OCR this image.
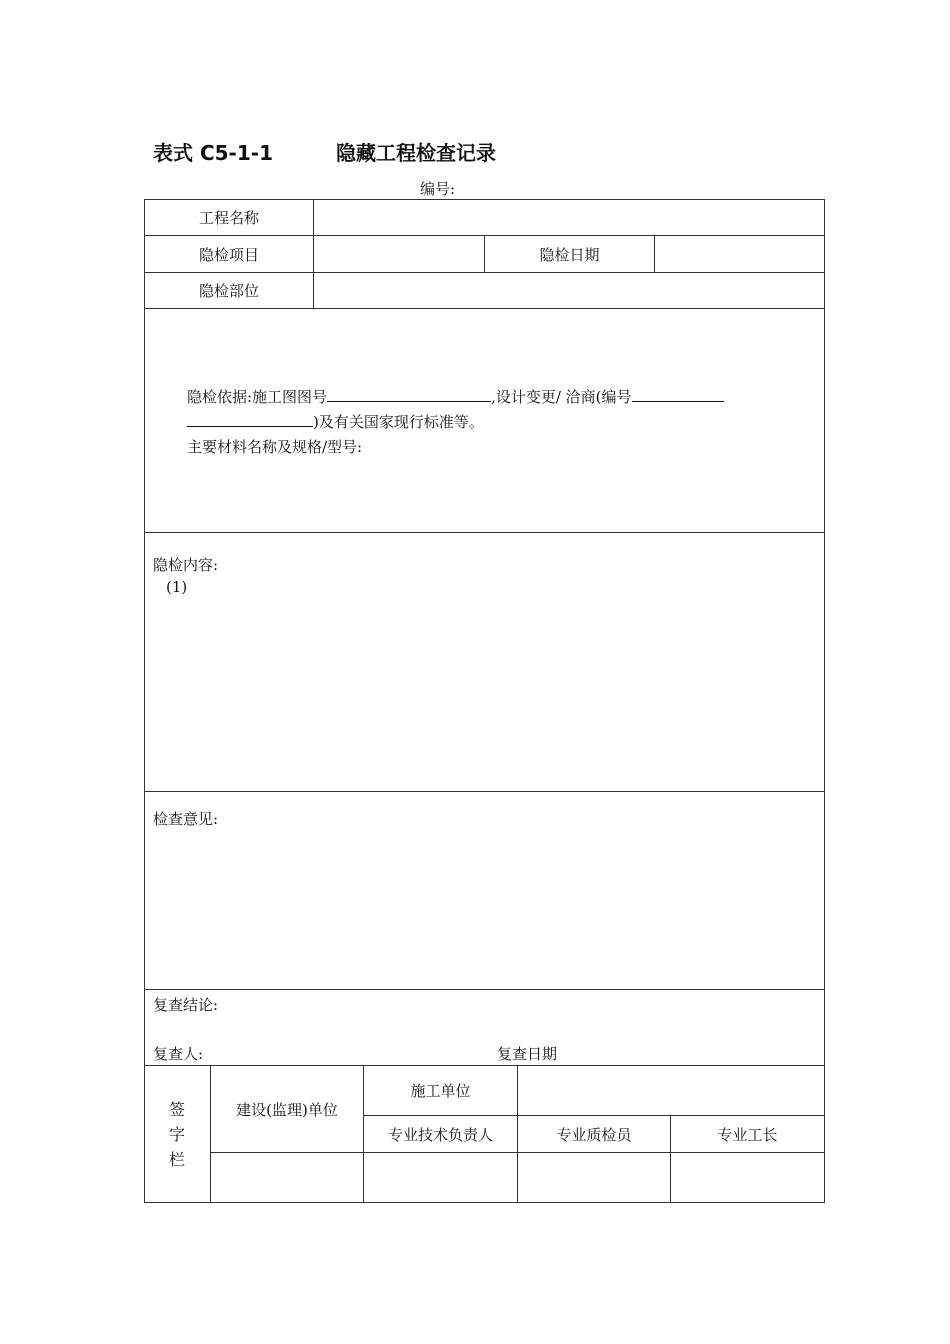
表式 C5-1-1	隐藏工程检查记录
编号:
工程名称
隐检项目	隐检日期
隐检部位
隐检依据:施工图图号	,设计变更/ 洽商(编号
)及有关国家现行标准等。
主要材料名称及规格/型号:
隐检内容:
(1)
检查意见:
复查结论:
复查人:	复查日期
签
字
栏
建设(监理)单位
施工单位
专业技术负责人	专业质检员	专业工长
